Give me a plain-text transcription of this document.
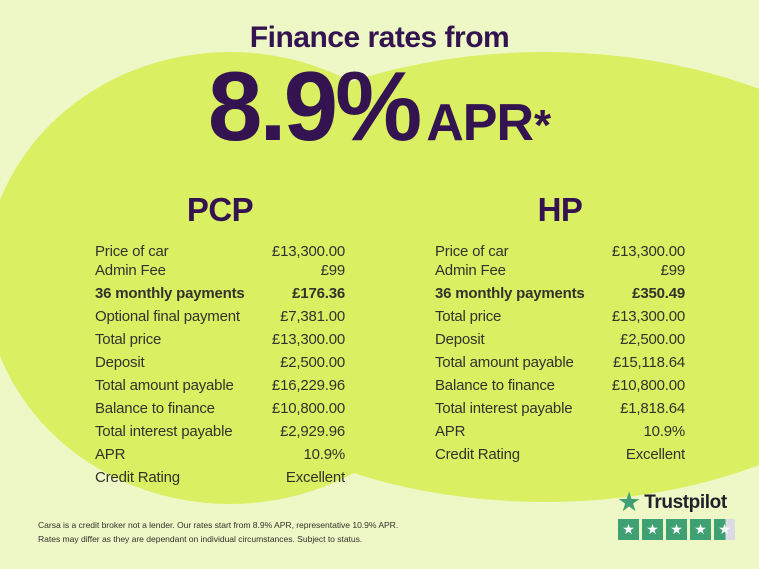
Finance rates from
8.9% APR *
PCP	HP
Price of car	£13,300.00
Admin Fee	£99
36 monthly payments	£176.36
Optional final payment	£7,381.00
Total price	£13,300.00
Deposit	£2,500.00
Total amount payable	£16,229.96
Balance to finance	£10,800.00
Total interest payable	£2,929.96
APR	10.9%
Credit Rating	Excellent
Price of car	£13,300.00
Admin Fee	£99
36 monthly payments	£350.49
Total price	£13,300.00
Deposit	£2,500.00
Total amount payable	£15,118.64
Balance to finance	£10,800.00
Total interest payable	£1,818.64
APR	10.9%
Credit Rating	Excellent
Carsa is a credit broker not a lender. Our rates start from 8.9% APR, representative 10.9% APR.
Rates may differ as they are dependant on individual circumstances. Subject to status.
★ Trustpilot
★ ★ ★ ★ ★
